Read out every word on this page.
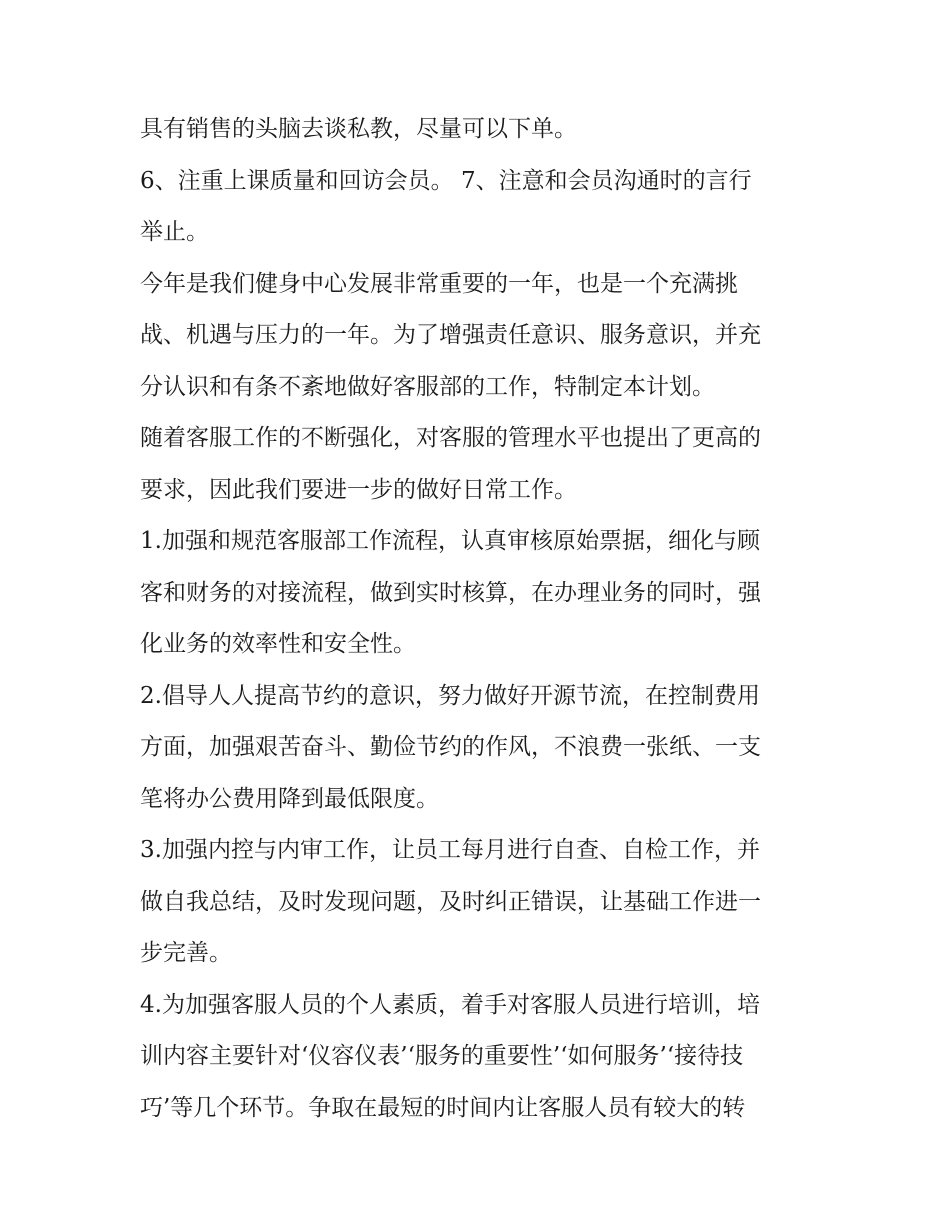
具有销售的头脑去谈私教，尽量可以下单。
6、注重上课质量和回访会员。 7、注意和会员沟通时的言行
举止。
今年是我们健身中心发展非常重要的一年，也是一个充满挑
战、机遇与压力的一年。为了增强责任意识、服务意识，并充
分认识和有条不紊地做好客服部的工作，特制定本计划。
随着客服工作的不断强化，对客服的管理水平也提出了更高的
要求，因此我们要进一步的做好日常工作。
1.加强和规范客服部工作流程，认真审核原始票据，细化与顾
客和财务的对接流程，做到实时核算，在办理业务的同时，强
化业务的效率性和安全性。
2.倡导人人提高节约的意识，努力做好开源节流，在控制费用
方面，加强艰苦奋斗、勤俭节约的作风，不浪费一张纸、一支
笔将办公费用降到最低限度。
3.加强内控与内审工作，让员工每月进行自查、自检工作，并
做自我总结，及时发现问题，及时纠正错误，让基础工作进一
步完善。
4.为加强客服人员的个人素质，着手对客服人员进行培训，培
训内容主要针对‘仪容仪表’‘服务的重要性’‘如何服务’‘接待技
巧’等几个环节。争取在最短的时间内让客服人员有较大的转
